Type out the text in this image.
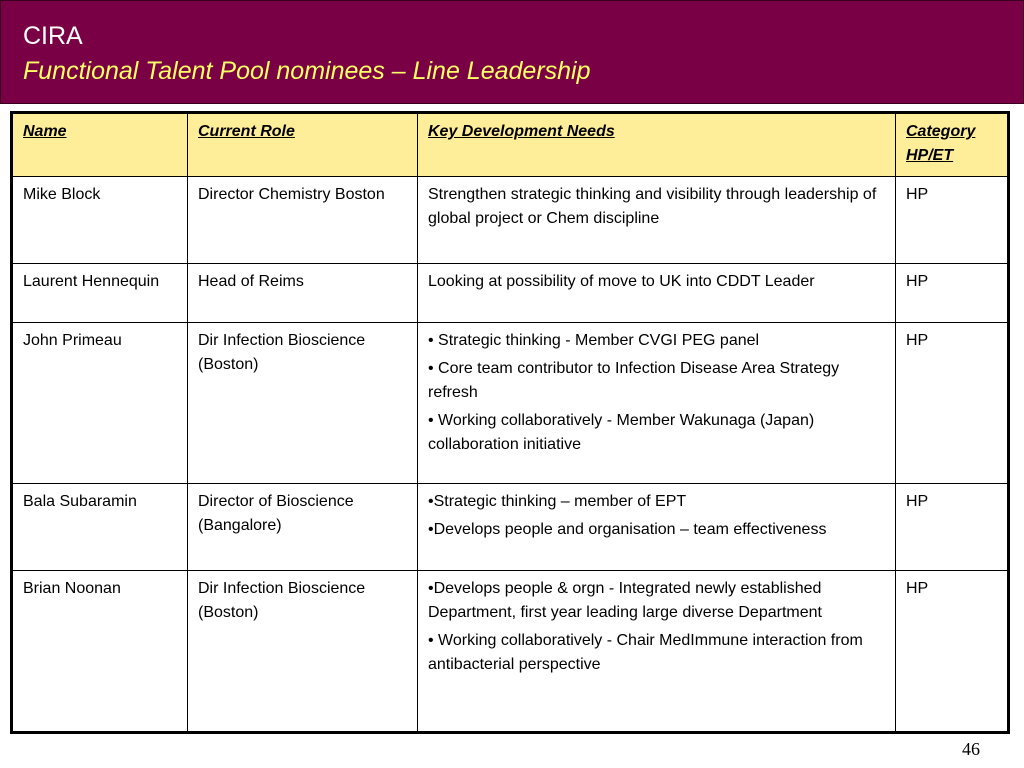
CIRA
Functional Talent Pool nominees – Line Leadership
Name	Current Role	Key Development Needs	Category HP/ET
Mike Block	Director Chemistry Boston	Strengthen strategic thinking and visibility through leadership of global project or Chem discipline	HP
Laurent Hennequin	Head of Reims	Looking at possibility of move to UK into CDDT Leader	HP
John Primeau	Dir Infection Bioscience (Boston)	• Strategic thinking - Member CVGI PEG panel

• Core team contributor to Infection Disease Area Strategy refresh

• Working collaboratively - Member Wakunaga (Japan) collaboration initiative	HP
Bala Subaramin	Director of Bioscience (Bangalore)	•Strategic thinking – member of EPT

•Develops people and organisation – team effectiveness	HP
Brian Noonan	Dir Infection Bioscience (Boston)	•Develops people & orgn - Integrated newly established Department, first year leading large diverse Department

• Working collaboratively - Chair MedImmune interaction from antibacterial perspective	HP
46
